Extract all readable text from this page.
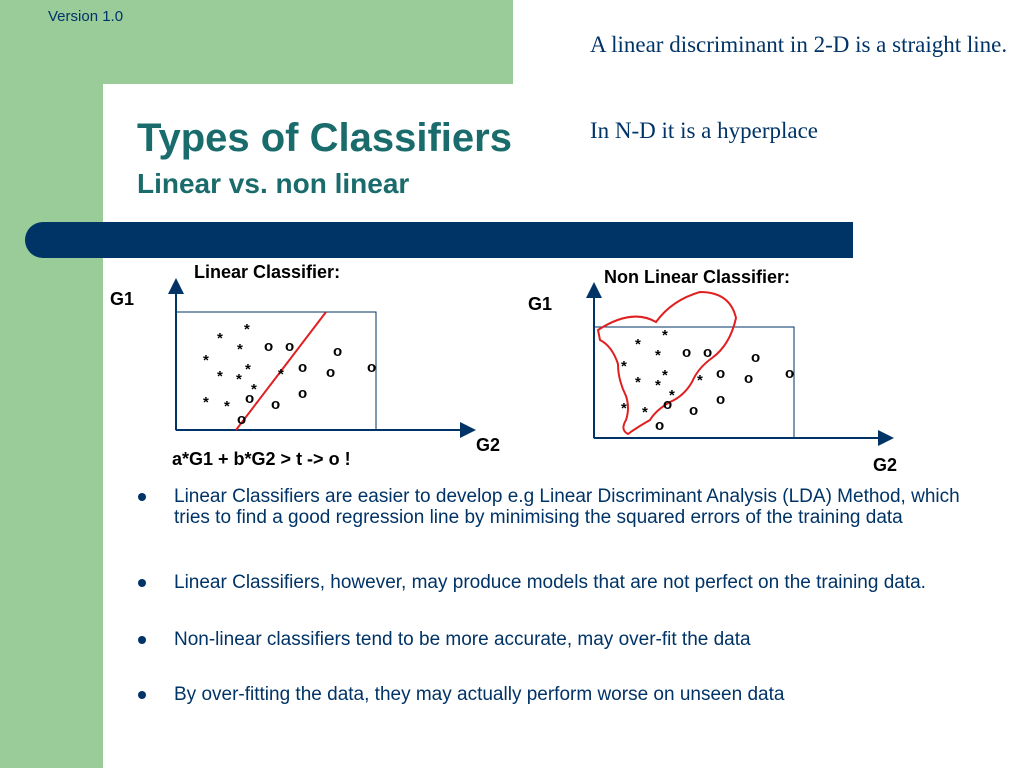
Version 1.0
Types of Classifiers
Linear vs. non linear
A linear discriminant in 2-D is a straight line.
In N-D it is a hyperplace
*
*
*
*
*
* * *
*
* *
o o	o
o o o
o
o o
o
*
*
*
*
*
* * *
*
* *
o o	o
o o o
o
o o
o
Linear Classifier:
G1
G2
a*G1 + b*G2 > t -> o !
Non Linear Classifier:
G1
G2
Linear Classifiers are easier to develop e.g Linear Discriminant Analysis (LDA) Method, which tries to find a good regression line by minimising the squared errors of the training data
Linear Classifiers, however, may produce models that are not perfect on the training data.
Non-linear classifiers tend to be more accurate, may over-fit the data
By over-fitting the data, they may actually perform worse on unseen data
